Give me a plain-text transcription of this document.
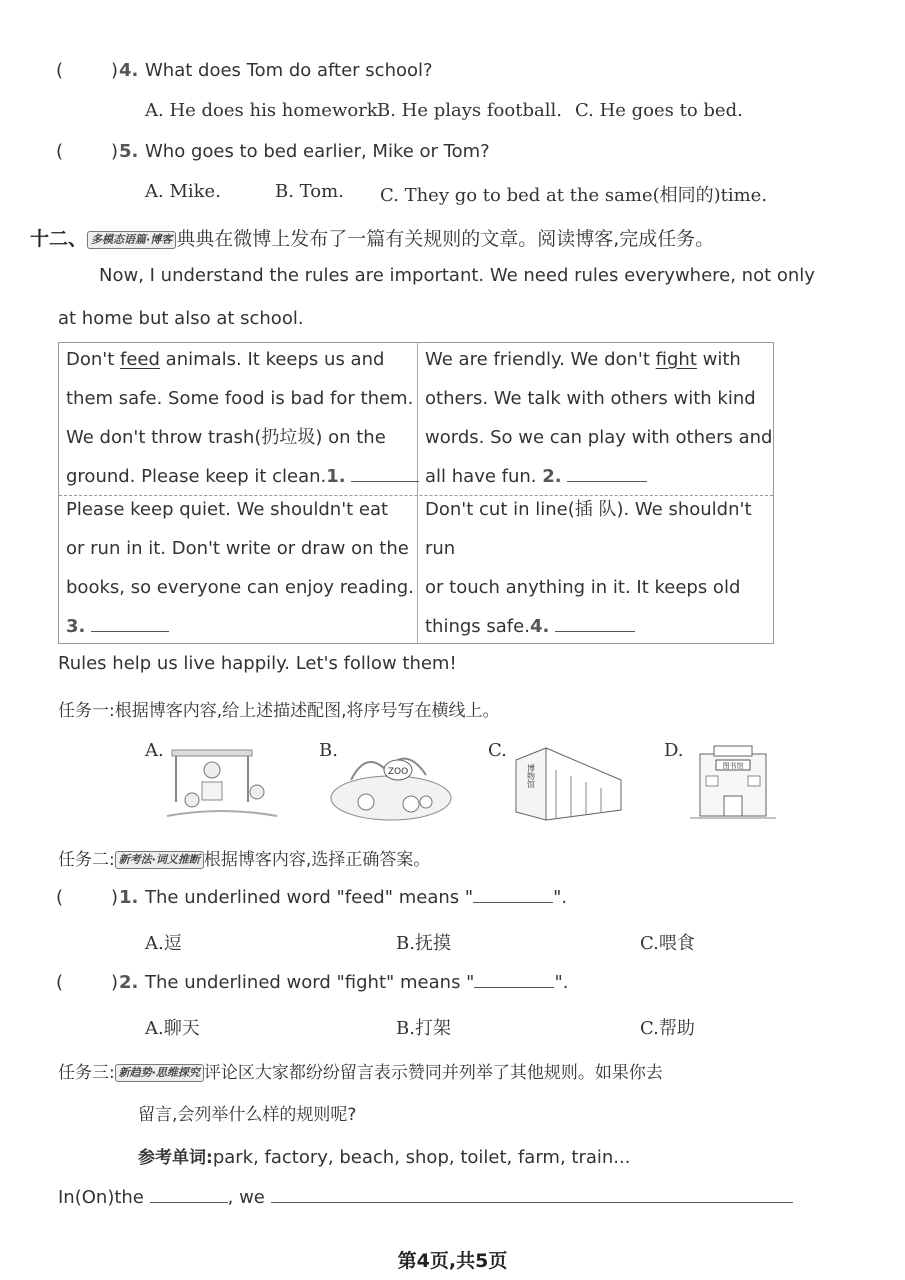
(	) 4. What does Tom do after school?
A. He does his homework.
B. He plays football. C. He goes to bed.
(	) 5. Who goes to bed earlier, Mike or Tom?
A. Mike.	B. Tom. C. They go to bed at the same(相同的)time.
十二、 多模态语篇·博客 典典在微博上发布了一篇有关规则的文章。阅读博客,完成任务。
Now, I understand the rules are important. We need rules everywhere, not only
at home but also at school.
Don't feed animals. It keeps us and
them safe. Some food is bad for them.
We don't throw trash(扔垃圾) on the
ground. Please keep it clean.1.
We are friendly. We don't fight with
others. We talk with others with kind
words. So we can play with others and
all have fun. 2.
Please keep quiet. We shouldn't eat
or run in it. Don't write or draw on the
books, so everyone can enjoy reading.
3.
Don't cut in line(插 队). We shouldn't run
or touch anything in it. It keeps old
things safe.4.
Rules help us live happily. Let's follow them!
任务一:根据博客内容,给上述描述配图,将序号写在横线上。
A.	B.	C.	D.
ZOO	博物馆	图书馆
任务二: 新考法·词义推断 根据博客内容,选择正确答案。
(	) 1. The underlined word "feed" means "	".
A.逗	B.抚摸	C.喂食
(	) 2. The underlined word "fight" means "	".
A.聊天	B.打架	C.帮助
任务三: 新趋势·思维探究 评论区大家都纷纷留言表示赞同并列举了其他规则。如果你去
留言,会列举什么样的规则呢?
参考单词:park, factory, beach, shop, toilet, farm, train...
In(On)the	, we
第4页,共5页
